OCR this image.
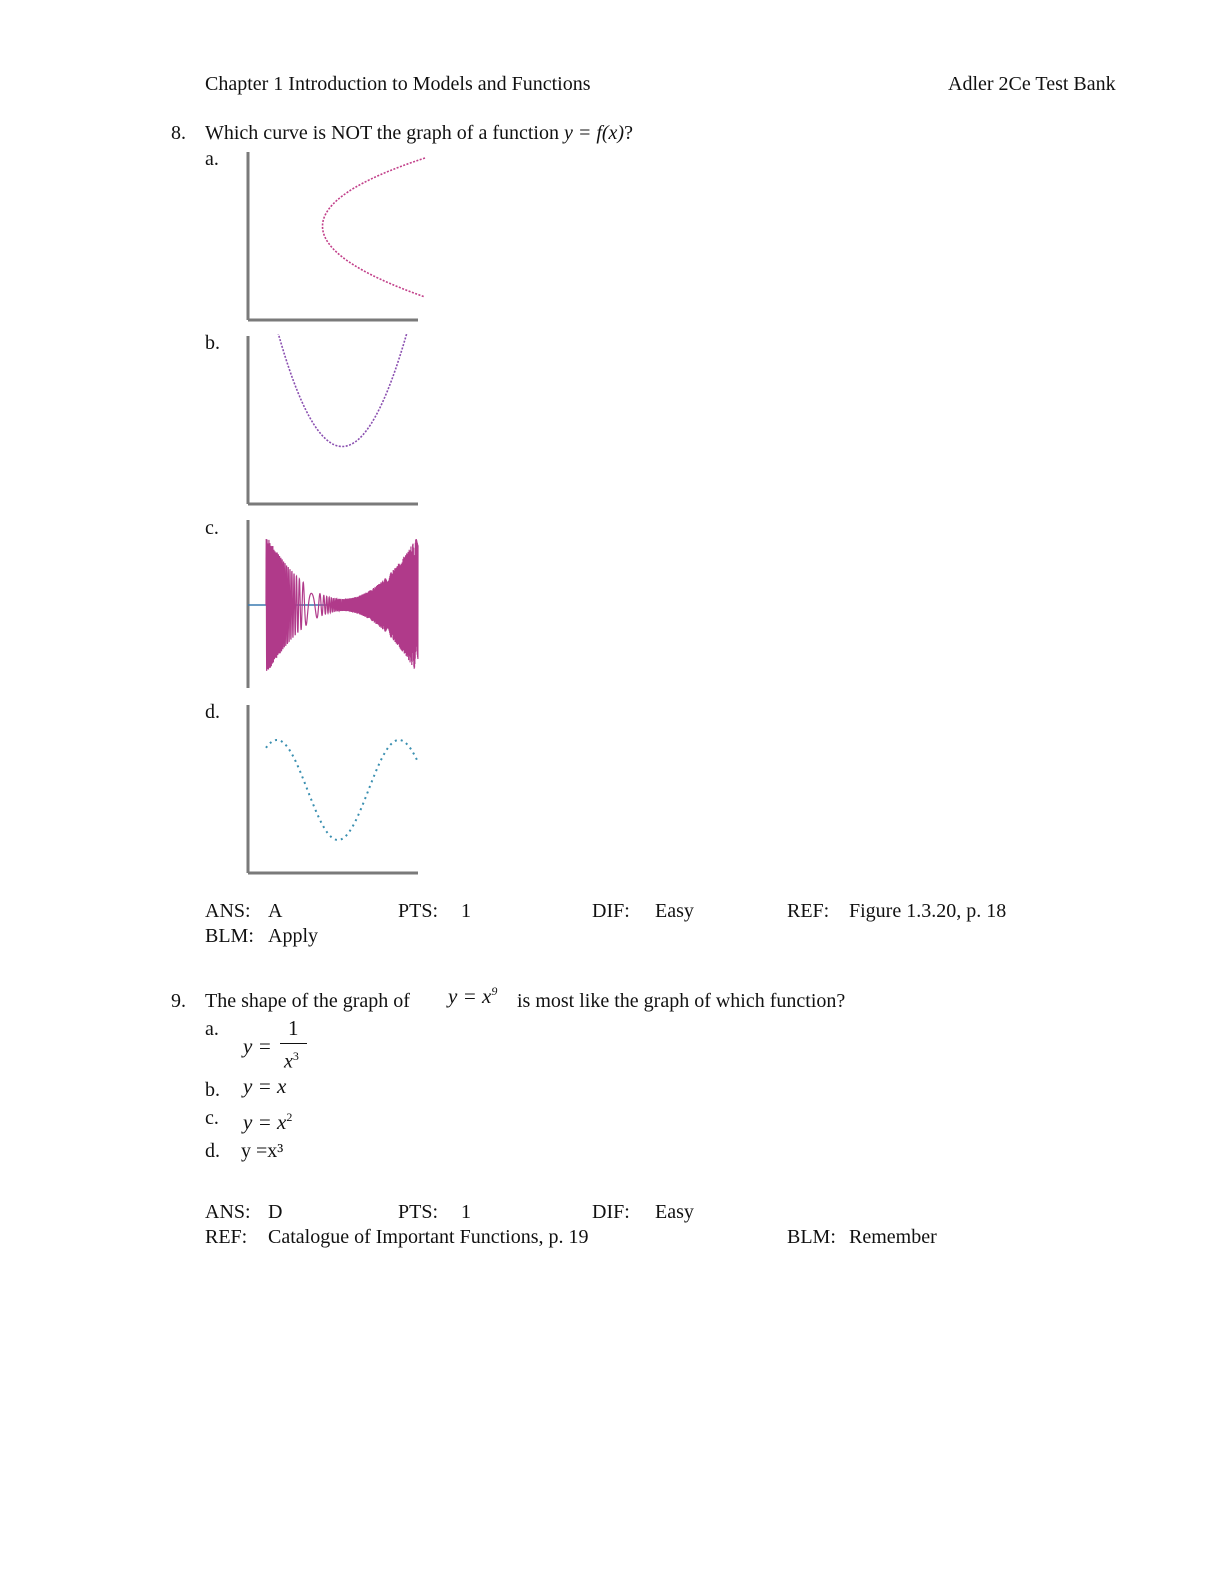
Chapter 1 Introduction to Models and Functions	Adler 2Ce Test Bank
8. Which curve is NOT the graph of a function y = f(x)?
a.
b.
c.
d.
ANS: A	PTS: 1	DIF: Easy	REF: Figure 1.3.20, p. 18
BLM: Apply
9. The shape of the graph of $y = x^9$ is most like the graph of which function?
a.
y =
1
$x^3$
b. y = x
c. $y = x^2$
d. y =x³
ANS: D	PTS: 1	DIF: Easy
REF: Catalogue of Important Functions, p. 19	BLM: Remember
